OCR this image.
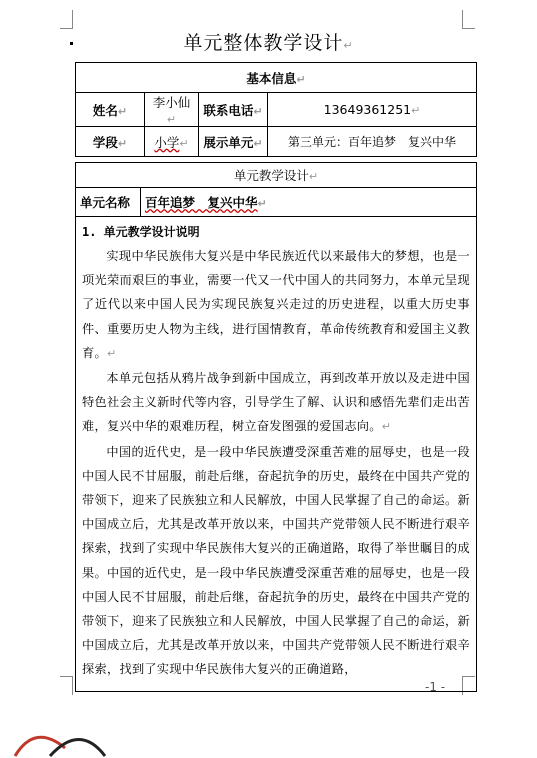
单元整体教学设计↵
基本信息↵			
姓名↵	李小仙↵	联系电话↵	13649361251↵
学段↵	小学↵	展示单元↵	第三单元：百年追梦　复兴中华
单元教学设计↵
单元名称	百年追梦　复兴中华↵

1. 单元教学设计说明

实现中华民族伟大复兴是中华民族近代以来最伟大的梦想，也是一项光荣而艰巨的事业，需要一代又一代中国人的共同努力，本单元呈现了近代以来中国人民为实现民族复兴走过的历史进程，以重大历史事件、重要历史人物为主线，进行国情教育，革命传统教育和爱国主义教育。↵

本单元包括从鸦片战争到新中国成立，再到改革开放以及走进中国特色社会主义新时代等内容，引导学生了解、认识和感悟先辈们走出苦难，复兴中华的艰难历程，树立奋发图强的爱国志向。↵

中国的近代史，是一段中华民族遭受深重苦难的屈辱史，也是一段中国人民不甘屈服，前赴后继，奋起抗争的历史，最终在中国共产党的带领下，迎来了民族独立和人民解放，中国人民掌握了自己的命运。新中国成立后，尤其是改革开放以来，中国共产党带领人民不断进行艰辛探索，找到了实现中华民族伟大复兴的正确道路，取得了举世瞩目的成果。中国的近代史，是一段中华民族遭受深重苦难的屈辱史，也是一段中国人民不甘屈服，前赴后继，奋起抗争的历史，最终在中国共产党的带领下，迎来了民族独立和人民解放，中国人民掌握了自己的命运，新中国成立后，尤其是改革开放以来，中国共产党带领人民不断进行艰辛探索，找到了实现中华民族伟大复兴的正确道路，

-1 -
